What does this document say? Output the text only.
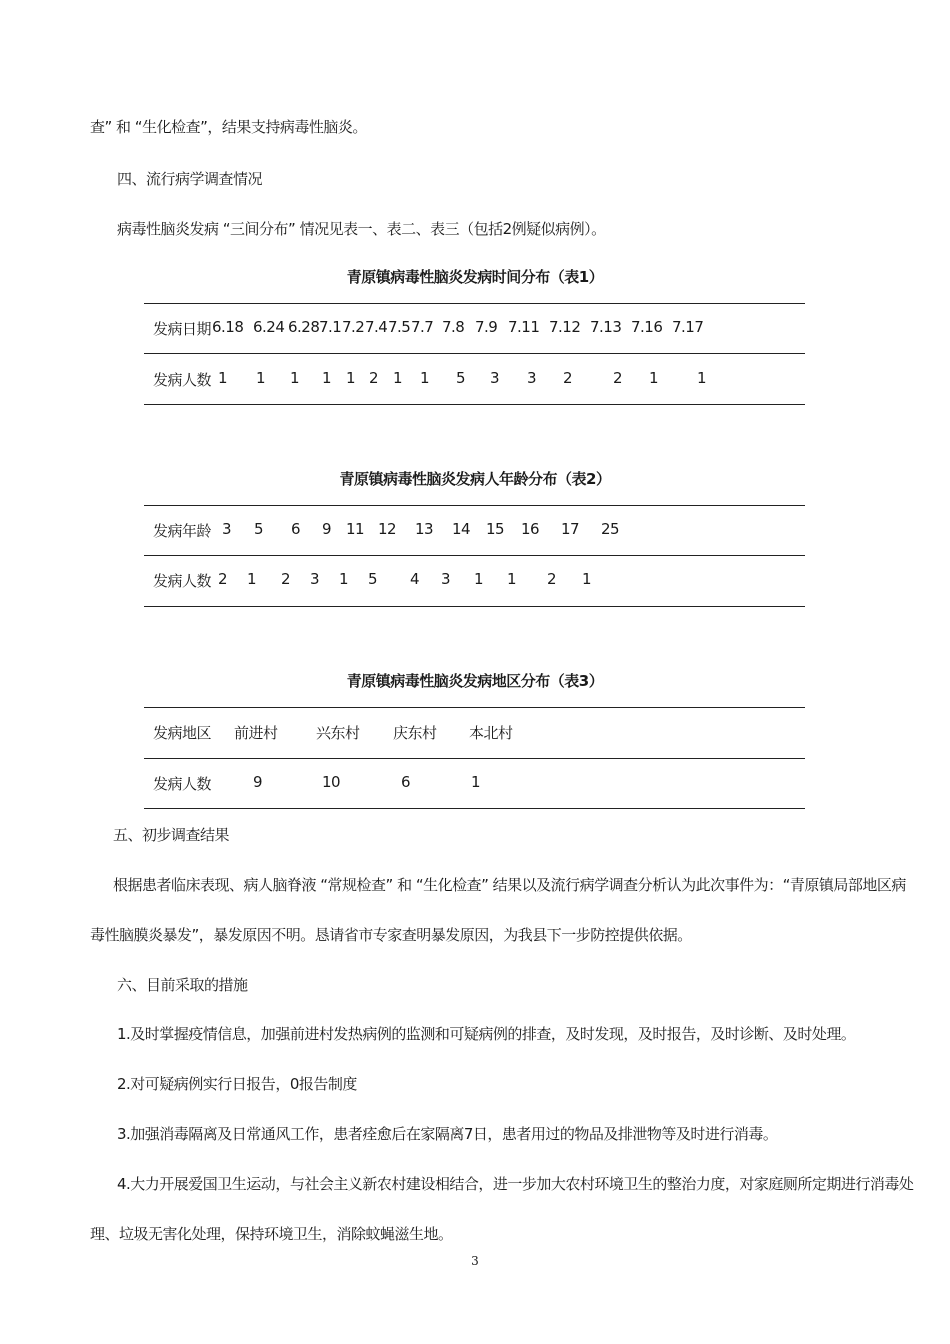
查” 和 “生化检查”，结果支持病毒性脑炎。
四、流行病学调查情况
病毒性脑炎发病 “三间分布” 情况见表一、表二、表三（包括2例疑似病例）。
青原镇病毒性脑炎发病时间分布（表1）
发病日期 6.18 6.24 6.28 7.1 7.2 7.4 7.5 7.7 7.8 7.9 7.11 7.12 7.13 7.16 7.17
发病人数 1 1 1 1 1 2 1 1 5 3 3 2	2 1	1
青原镇病毒性脑炎发病人年龄分布（表2）
发病年龄 3 5 6 9 11 12 13 14 15 16 17 25
发病人数 2 1 2 3 1 5 4 3 1 1 2 1
青原镇病毒性脑炎发病地区分布（表3）
发病地区 前进村	兴东村 庆东村 本北村
发病人数	9	10	6	1
五、初步调查结果
根据患者临床表现、病人脑脊液 “常规检查” 和 “生化检查” 结果以及流行病学调查分析认为此次事件为：“青原镇局部地区病
毒性脑膜炎暴发”，暴发原因不明。恳请省市专家查明暴发原因，为我县下一步防控提供依据。
六、目前采取的措施
1.及时掌握疫情信息，加强前进村发热病例的监测和可疑病例的排查，及时发现，及时报告，及时诊断、及时处理。
2.对可疑病例实行日报告，0报告制度
3.加强消毒隔离及日常通风工作，患者痊愈后在家隔离7日，患者用过的物品及排泄物等及时进行消毒。
4.大力开展爱国卫生运动，与社会主义新农村建设相结合，进一步加大农村环境卫生的整治力度，对家庭厕所定期进行消毒处
理、垃圾无害化处理，保持环境卫生，消除蚊蝇滋生地。
3
